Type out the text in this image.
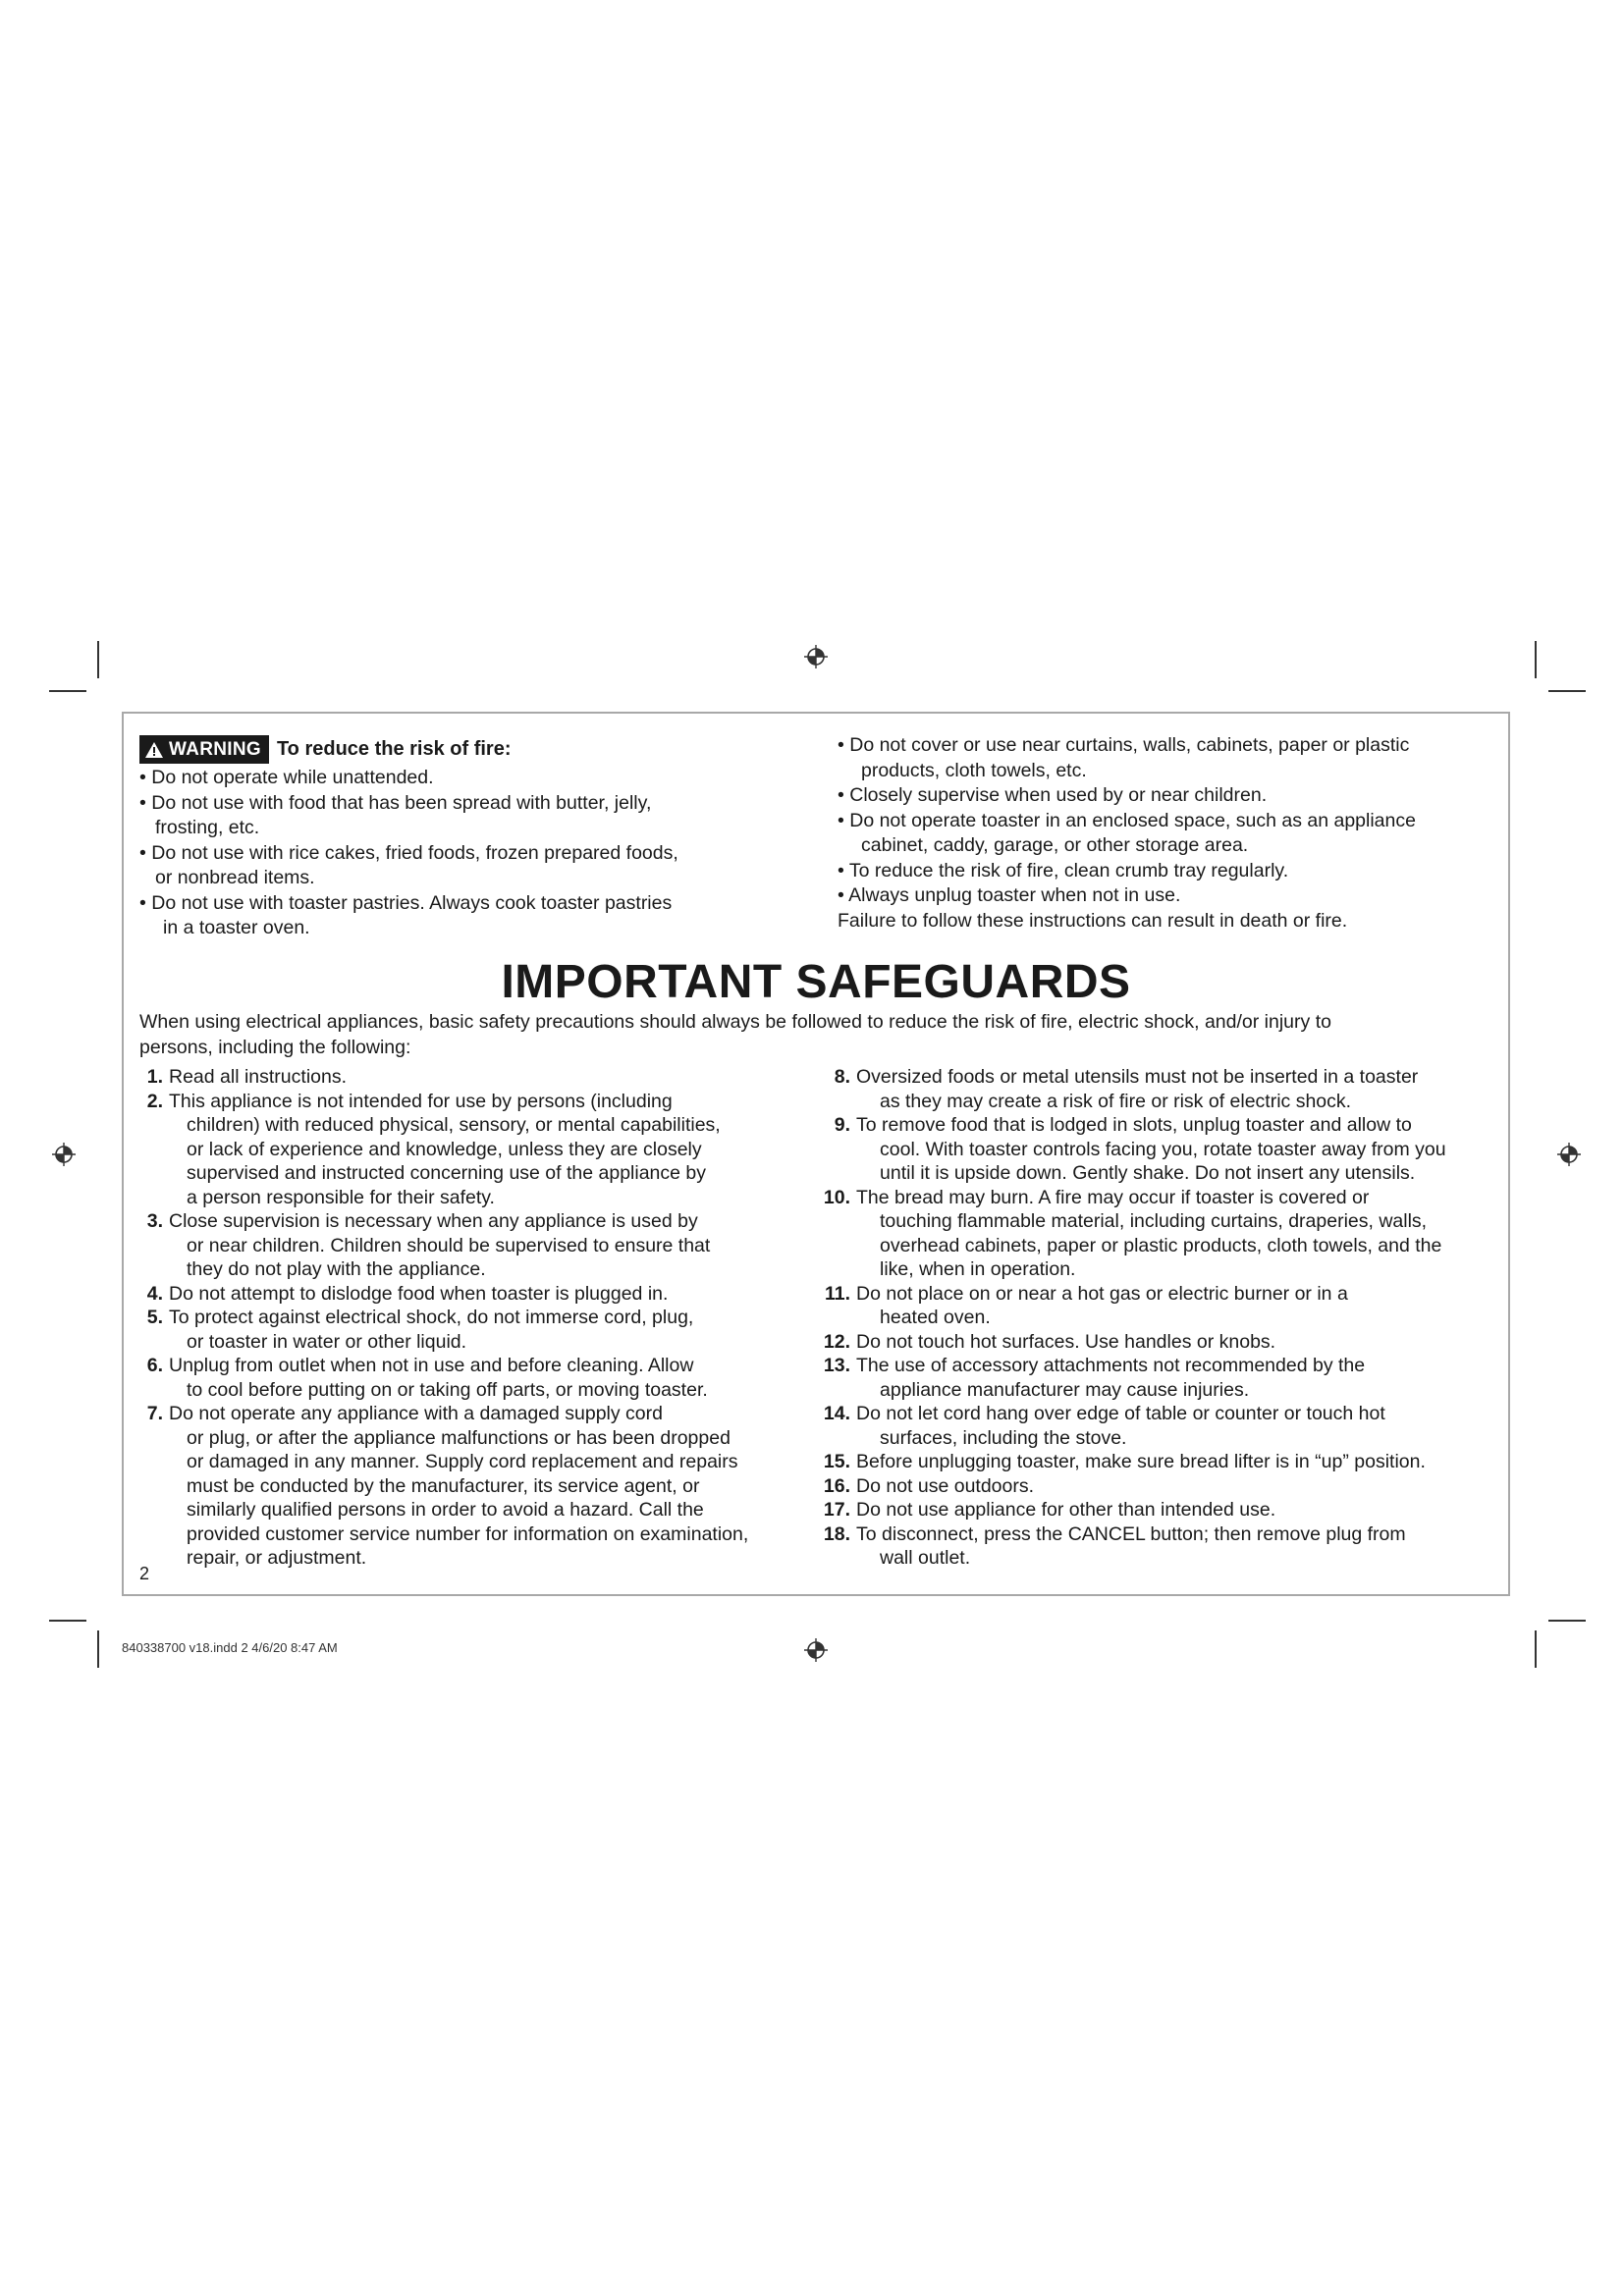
WARNING To reduce the risk of fire:
• Do not operate while unattended.
• Do not use with food that has been spread with butter, jelly,
frosting, etc.
• Do not use with rice cakes, fried foods, frozen prepared foods,
or nonbread items.
• Do not use with toaster pastries. Always cook toaster pastries
in a toaster oven.
• Do not cover or use near curtains, walls, cabinets, paper or plastic
products, cloth towels, etc.
• Closely supervise when used by or near children.
• Do not operate toaster in an enclosed space, such as an appliance
cabinet, caddy, garage, or other storage area.
• To reduce the risk of fire, clean crumb tray regularly.
• Always unplug toaster when not in use.
Failure to follow these instructions can result in death or fire.
IMPORTANT SAFEGUARDS
When using electrical appliances, basic safety precautions should always be followed to reduce the risk of fire, electric shock, and/or injury to
persons, including the following:
1. Read all instructions.
2. This appliance is not intended for use by persons (including
children) with reduced physical, sensory, or mental capabilities,
or lack of experience and knowledge, unless they are closely
supervised and instructed concerning use of the appliance by
a person responsible for their safety.
3. Close supervision is necessary when any appliance is used by
or near children. Children should be supervised to ensure that
they do not play with the appliance.
4. Do not attempt to dislodge food when toaster is plugged in.
5. To protect against electrical shock, do not immerse cord, plug,
or toaster in water or other liquid.
6. Unplug from outlet when not in use and before cleaning. Allow
to cool before putting on or taking off parts, or moving toaster.
7. Do not operate any appliance with a damaged supply cord
or plug, or after the appliance malfunctions or has been dropped
or damaged in any manner. Supply cord replacement and repairs
must be conducted by the manufacturer, its service agent, or
similarly qualified persons in order to avoid a hazard. Call the
provided customer service number for information on examination,
repair, or adjustment.
8. Oversized foods or metal utensils must not be inserted in a toaster
as they may create a risk of fire or risk of electric shock.
9. To remove food that is lodged in slots, unplug toaster and allow to
cool. With toaster controls facing you, rotate toaster away from you
until it is upside down. Gently shake. Do not insert any utensils.
10. The bread may burn. A fire may occur if toaster is covered or
touching flammable material, including curtains, draperies, walls,
overhead cabinets, paper or plastic products, cloth towels, and the
like, when in operation.
11. Do not place on or near a hot gas or electric burner or in a
heated oven.
12. Do not touch hot surfaces. Use handles or knobs.
13. The use of accessory attachments not recommended by the
appliance manufacturer may cause injuries.
14. Do not let cord hang over edge of table or counter or touch hot
surfaces, including the stove.
15. Before unplugging toaster, make sure bread lifter is in “up” position.
16. Do not use outdoors.
17. Do not use appliance for other than intended use.
18. To disconnect, press the CANCEL button; then remove plug from
wall outlet.
2
840338700 v18.indd 2 4/6/20 8:47 AM
